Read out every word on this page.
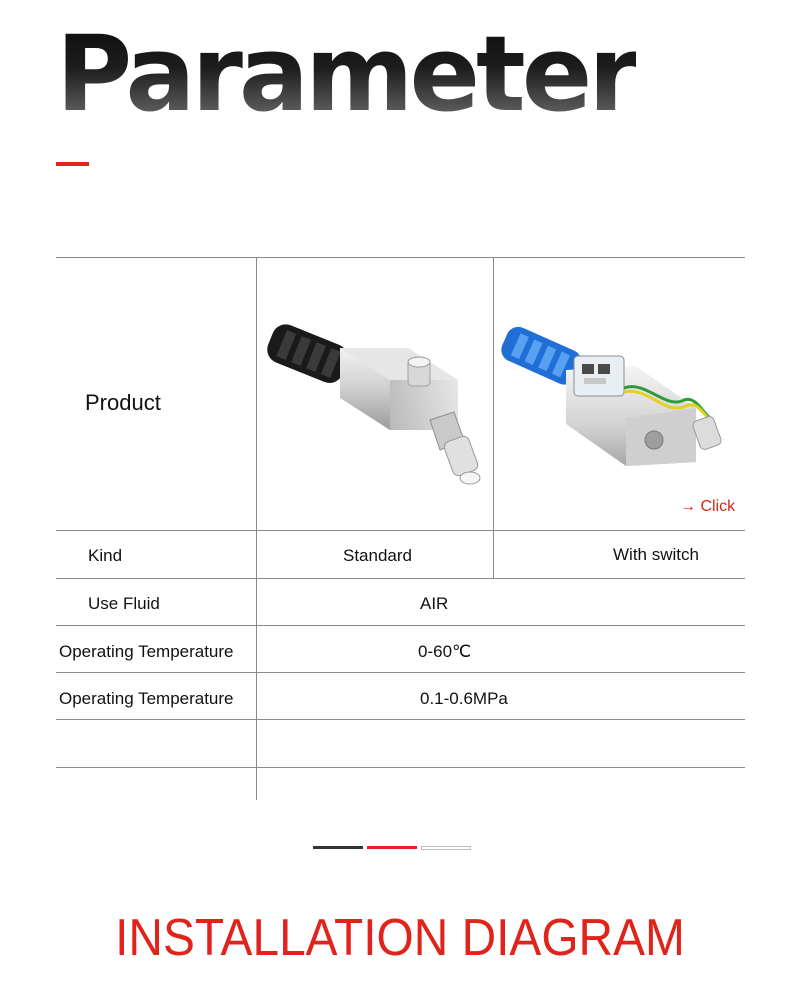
Parameter
Product
→ Click
Kind	Standard	With switch
Use Fluid	AIR
Operating Temperature	0-60℃
Operating Temperature	0.1-0.6MPa
INSTALLATION DIAGRAM
